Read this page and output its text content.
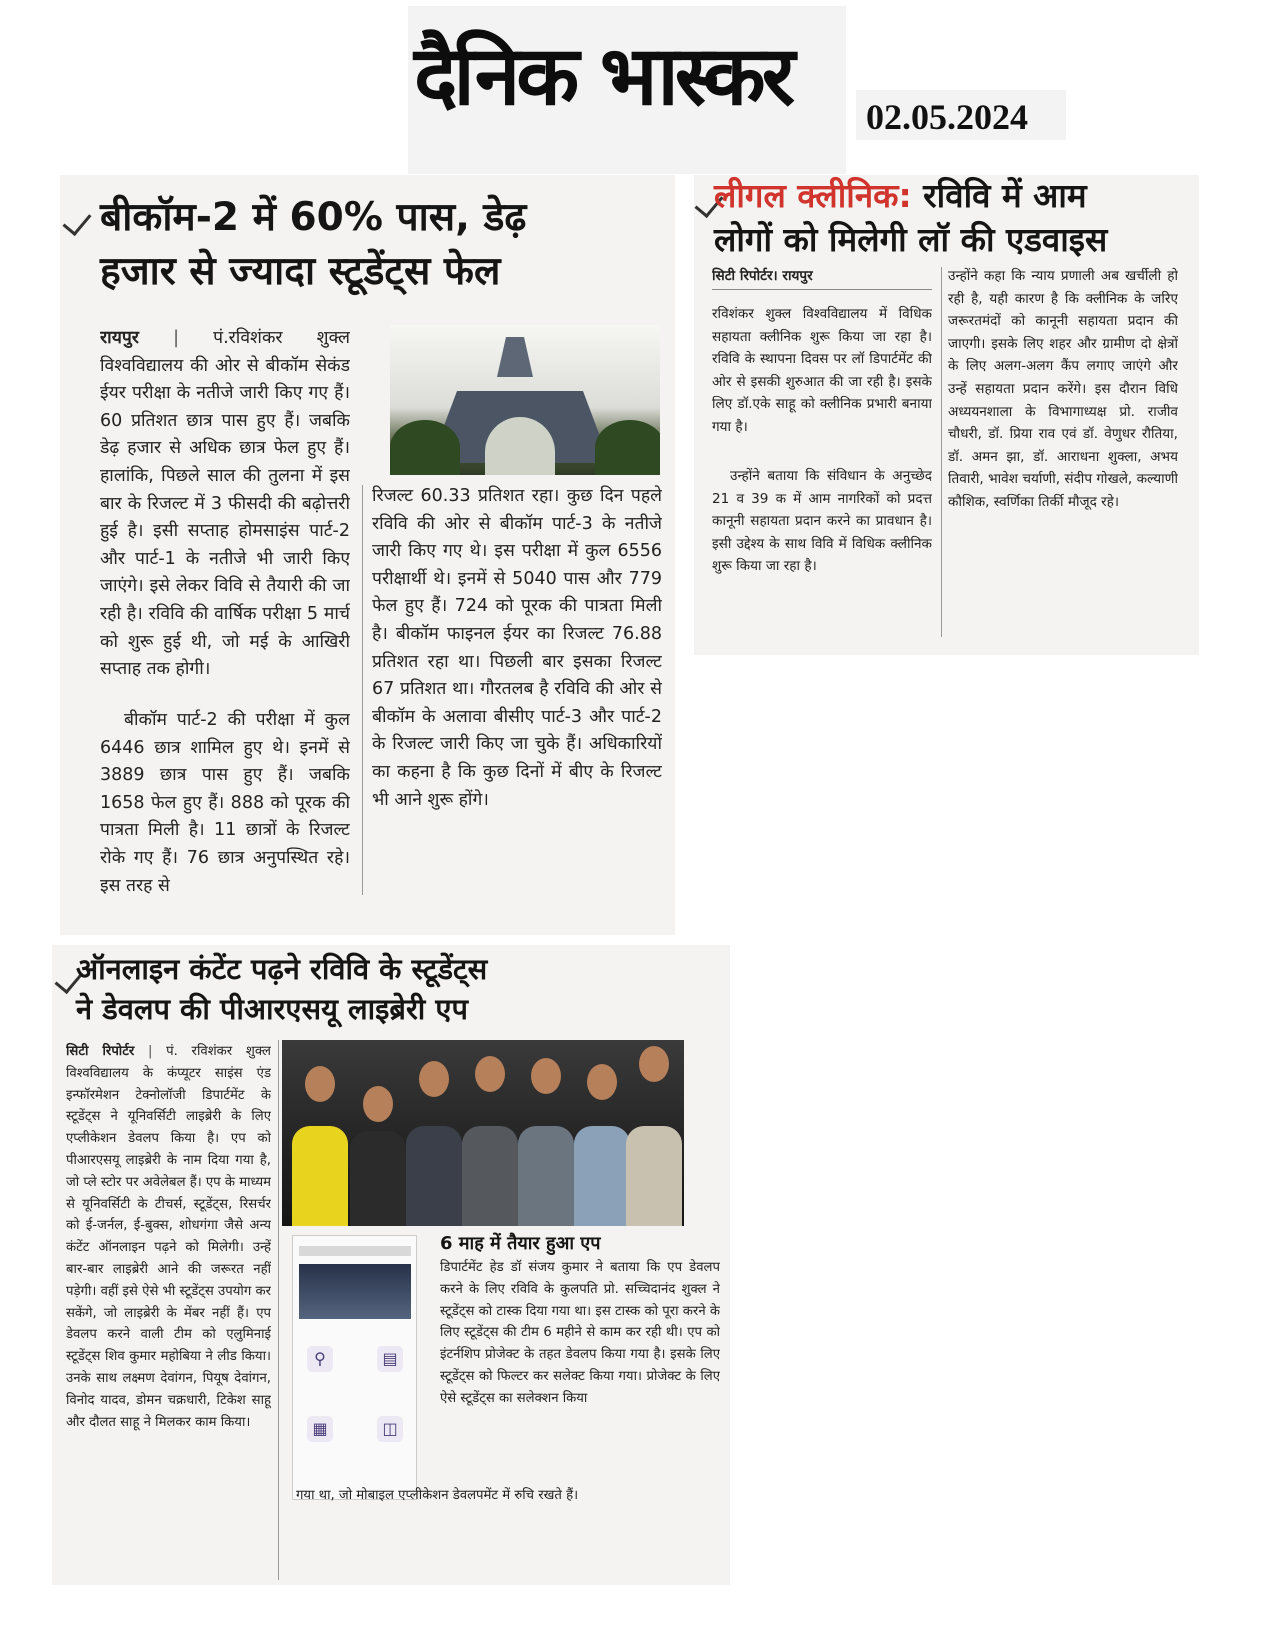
दैनिक भास्कर 02.05.2024
बीकॉम-2 में 60% पास, डेढ़
हजार से ज्यादा स्टूडेंट्स फेल
रायपुर | पं.रविशंकर शुक्ल विश्वविद्यालय की ओर से बीकॉम सेकंड ईयर परीक्षा के नतीजे जारी किए गए हैं। 60 प्रतिशत छात्र पास हुए हैं। जबकि डेढ़ हजार से अधिक छात्र फेल हुए हैं। हालांकि, पिछले साल की तुलना में इस बार के रिजल्ट में 3 फीसदी की बढ़ोत्तरी हुई है। इसी सप्ताह होमसाइंस पार्ट-2 और पार्ट-1 के नतीजे भी जारी किए जाएंगे। इसे लेकर विवि से तैयारी की जा रही है। रविवि की वार्षिक परीक्षा 5 मार्च को शुरू हुई थी, जो मई के आखिरी सप्ताह तक होगी।
बीकॉम पार्ट-2 की परीक्षा में कुल 6446 छात्र शामिल हुए थे। इनमें से 3889 छात्र पास हुए हैं। जबकि 1658 फेल हुए हैं। 888 को पूरक की पात्रता मिली है। 11 छात्रों के रिजल्ट रोके गए हैं। 76 छात्र अनुपस्थित रहे। इस तरह से
रिजल्ट 60.33 प्रतिशत रहा। कुछ दिन पहले रविवि की ओर से बीकॉम पार्ट-3 के नतीजे जारी किए गए थे। इस परीक्षा में कुल 6556 परीक्षार्थी थे। इनमें से 5040 पास और 779 फेल हुए हैं। 724 को पूरक की पात्रता मिली है। बीकॉम फाइनल ईयर का रिजल्ट 76.88 प्रतिशत रहा था। पिछली बार इसका रिजल्ट 67 प्रतिशत था। गौरतलब है रविवि की ओर से बीकॉम के अलावा बीसीए पार्ट-3 और पार्ट-2 के रिजल्ट जारी किए जा चुके हैं। अधिकारियों का कहना है कि कुछ दिनों में बीए के रिजल्ट भी आने शुरू होंगे।
लीगल क्लीनिक: रविवि में आम
लोगों को मिलेगी लॉ की एडवाइस
सिटी रिपोर्टर। रायपुर
रविशंकर शुक्ल विश्वविद्यालय में विधिक सहायता क्लीनिक शुरू किया जा रहा है। रविवि के स्थापना दिवस पर लॉ डिपार्टमेंट की ओर से इसकी शुरुआत की जा रही है। इसके लिए डॉ.एके साहू को क्लीनिक प्रभारी बनाया गया है।
उन्होंने बताया कि संविधान के अनुच्छेद 21 व 39 क में आम नागरिकों को प्रदत्त कानूनी सहायता प्रदान करने का प्रावधान है। इसी उद्देश्य के साथ विवि में विधिक क्लीनिक शुरू किया जा रहा है।
उन्होंने कहा कि न्याय प्रणाली अब खर्चीली हो रही है, यही कारण है कि क्लीनिक के जरिए जरूरतमंदों को कानूनी सहायता प्रदान की जाएगी। इसके लिए शहर और ग्रामीण दो क्षेत्रों के लिए अलग-अलग कैंप लगाए जाएंगे और उन्हें सहायता प्रदान करेंगे। इस दौरान विधि अध्ययनशाला के विभागाध्यक्ष प्रो. राजीव चौधरी, डॉ. प्रिया राव एवं डॉ. वेणुधर रौतिया, डॉ. अमन झा, डॉ. आराधना शुक्ला, अभय तिवारी, भावेश चर्याणी, संदीप गोखले, कल्याणी कौशिक, स्वर्णिका तिर्की मौजूद रहे।
ऑनलाइन कंटेंट पढ़ने रविवि के स्टूडेंट्स
ने डेवलप की पीआरएसयू लाइब्रेरी एप
सिटी रिपोर्टर | पं. रविशंकर शुक्ल विश्वविद्यालय के कंप्यूटर साइंस एंड इन्फॉरमेशन टेक्नोलॉजी डिपार्टमेंट के स्टूडेंट्स ने यूनिवर्सिटी लाइब्रेरी के लिए एप्लीकेशन डेवलप किया है। एप को पीआरएसयू लाइब्रेरी के नाम दिया गया है, जो प्ले स्टोर पर अवेलेबल हैं। एप के माध्यम से यूनिवर्सिटी के टीचर्स, स्टूडेंट्स, रिसर्चर को ई-जर्नल, ई-बुक्स, शोधगंगा जैसे अन्य कंटेंट ऑनलाइन पढ़ने को मिलेगी। उन्हें बार-बार लाइब्रेरी आने की जरूरत नहीं पड़ेगी। वहीं इसे ऐसे भी स्टूडेंट्स उपयोग कर सकेंगे, जो लाइब्रेरी के मेंबर नहीं हैं। एप डेवलप करने वाली टीम को एलुमिनाई स्टूडेंट्स शिव कुमार महोबिया ने लीड किया। उनके साथ लक्ष्मण देवांगन, पियूष देवांगन, विनोद यादव, डोमन चक्रधारी, टिकेश साहू और दौलत साहू ने मिलकर काम किया।
⚲	▤
▦	◫
6 माह में तैयार हुआ एप
डिपार्टमेंट हेड डॉ संजय कुमार ने बताया कि एप डेवलप करने के लिए रविवि के कुलपति प्रो. सच्चिदानंद शुक्ल ने स्टूडेंट्स को टास्क दिया गया था। इस टास्क को पूरा करने के लिए स्टूडेंट्स की टीम 6 महीने से काम कर रही थी। एप को इंटर्नशिप प्रोजेक्ट के तहत डेवलप किया गया है। इसके लिए स्टूडेंट्स को फिल्टर कर सलेक्ट किया गया। प्रोजेक्ट के लिए ऐसे स्टूडेंट्स का सलेक्शन किया
गया था, जो मोबाइल एप्लीकेशन डेवलपमेंट में रुचि रखते हैं।
